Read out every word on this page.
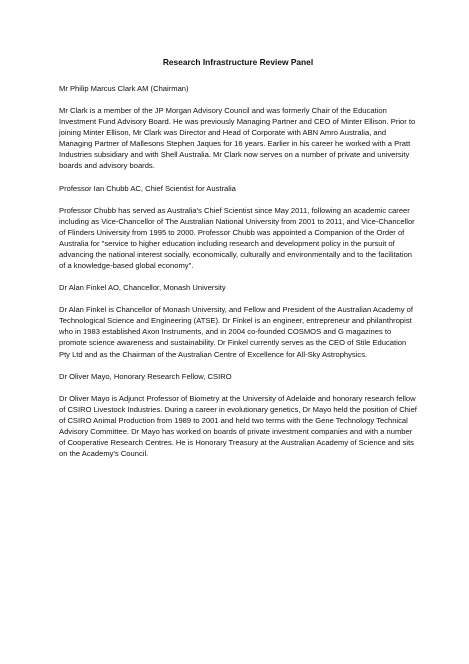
Research Infrastructure Review Panel

Mr Philip Marcus Clark AM (Chairman)

Mr Clark is a member of the JP Morgan Advisory Council and was formerly Chair of the Education Investment Fund Advisory Board. He was previously Managing Partner and CEO of Minter Ellison. Prior to joining Minter Ellison, Mr Clark was Director and Head of Corporate with ABN Amro Australia, and Managing Partner of Mallesons Stephen Jaques for 16 years. Earlier in his career he worked with a Pratt Industries subsidiary and with Shell Australia. Mr Clark now serves on a number of private and university boards and advisory boards.

Professor Ian Chubb AC, Chief Scientist for Australia

Professor Chubb has served as Australia's Chief Scientist since May 2011, following an academic career including as Vice-Chancellor of The Australian National University from 2001 to 2011, and Vice-Chancellor of Flinders University from 1995 to 2000. Professor Chubb was appointed a Companion of the Order of Australia for "service to higher education including research and development policy in the pursuit of advancing the national interest socially, economically, culturally and environmentally and to the facilitation of a knowledge-based global economy".

Dr Alan Finkel AO, Chancellor, Monash University

Dr Alan Finkel is Chancellor of Monash University, and Fellow and President of the Australian Academy of Technological Science and Engineering (ATSE). Dr Finkel is an engineer, entrepreneur and philanthropist who in 1983 established Axon Instruments, and in 2004 co-founded COSMOS and G magazines to promote science awareness and sustainability. Dr Finkel currently serves as the CEO of Stile Education Pty Ltd and as the Chairman of the Australian Centre of Excellence for All-Sky Astrophysics.

Dr Oliver Mayo, Honorary Research Fellow, CSIRO

Dr Oliver Mayo is Adjunct Professor of Biometry at the University of Adelaide and honorary research fellow of CSIRO Livestock Industries. During a career in evolutionary genetics, Dr Mayo held the position of Chief of CSIRO Animal Production from 1989 to 2001 and held two terms with the Gene Technology Technical Advisory Committee. Dr Mayo has worked on boards of private investment companies and with a number of Cooperative Research Centres. He is Honorary Treasury at the Australian Academy of Science and sits on the Academy's Council.
